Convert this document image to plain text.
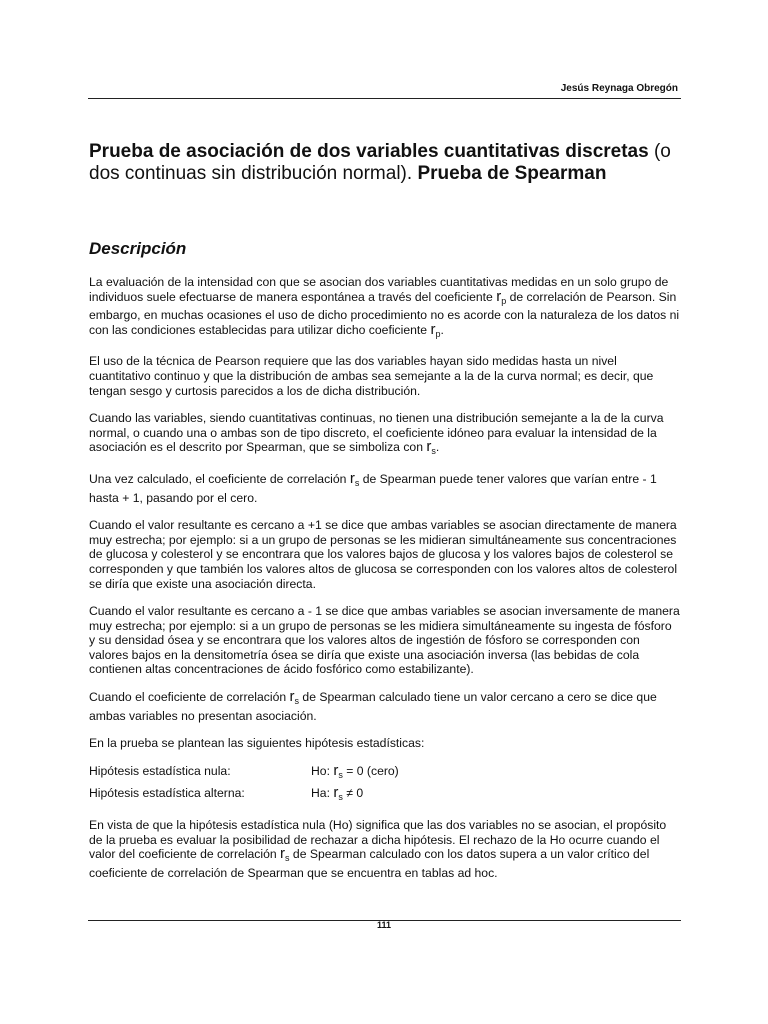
Jesús Reynaga Obregón
Prueba de asociación de dos variables cuantitativas discretas (o dos continuas sin distribución normal). Prueba de Spearman
Descripción

La evaluación de la intensidad con que se asocian dos variables cuantitativas medidas en un solo grupo de individuos suele efectuarse de manera espontánea a través del coeficiente $r_p$ de correlación de Pearson. Sin embargo, en muchas ocasiones el uso de dicho procedimiento no es acorde con la naturaleza de los datos ni con las condiciones establecidas para utilizar dicho coeficiente $r_p$.

El uso de la técnica de Pearson requiere que las dos variables hayan sido medidas hasta un nivel cuantitativo continuo y que la distribución de ambas sea semejante a la de la curva normal; es decir, que tengan sesgo y curtosis parecidos a los de dicha distribución.

Cuando las variables, siendo cuantitativas continuas, no tienen una distribución semejante a la de la curva normal, o cuando una o ambas son de tipo discreto, el coeficiente idóneo para evaluar la intensidad de la asociación es el descrito por Spearman, que se simboliza con $r_s$.

Una vez calculado, el coeficiente de correlación $r_s$ de Spearman puede tener valores que varían entre - 1 hasta + 1, pasando por el cero.

Cuando el valor resultante es cercano a +1 se dice que ambas variables se asocian directamente de manera muy estrecha; por ejemplo: si a un grupo de personas se les midieran simultáneamente sus concentraciones de glucosa y colesterol y se encontrara que los valores bajos de glucosa y los valores bajos de colesterol se corresponden y que también los valores altos de glucosa se corresponden con los valores altos de colesterol se diría que existe una asociación directa.

Cuando el valor resultante es cercano a - 1 se dice que ambas variables se asocian inversamente de manera muy estrecha; por ejemplo: si a un grupo de personas se les midiera simultáneamente su ingesta de fósforo y su densidad ósea y se encontrara que los valores altos de ingestión de fósforo se corresponden con valores bajos en la densitometría ósea se diría que existe una asociación inversa (las bebidas de cola contienen altas concentraciones de ácido fosfórico como estabilizante).

Cuando el coeficiente de correlación $r_s$ de Spearman calculado tiene un valor cercano a cero se dice que ambas variables no presentan asociación.

En la prueba se plantean las siguientes hipótesis estadísticas:

Hipótesis estadística nula:	Ho: $r_s = 0$ (cero)
Hipótesis estadística alterna:	Ha: $r_s \ne 0$

En vista de que la hipótesis estadística nula (Ho) significa que las dos variables no se asocian, el propósito de la prueba es evaluar la posibilidad de rechazar a dicha hipótesis. El rechazo de la Ho ocurre cuando el valor del coeficiente de correlación $r_s$ de Spearman calculado con los datos supera a un valor crítico del coeficiente de correlación de Spearman que se encuentra en tablas ad hoc.

111
